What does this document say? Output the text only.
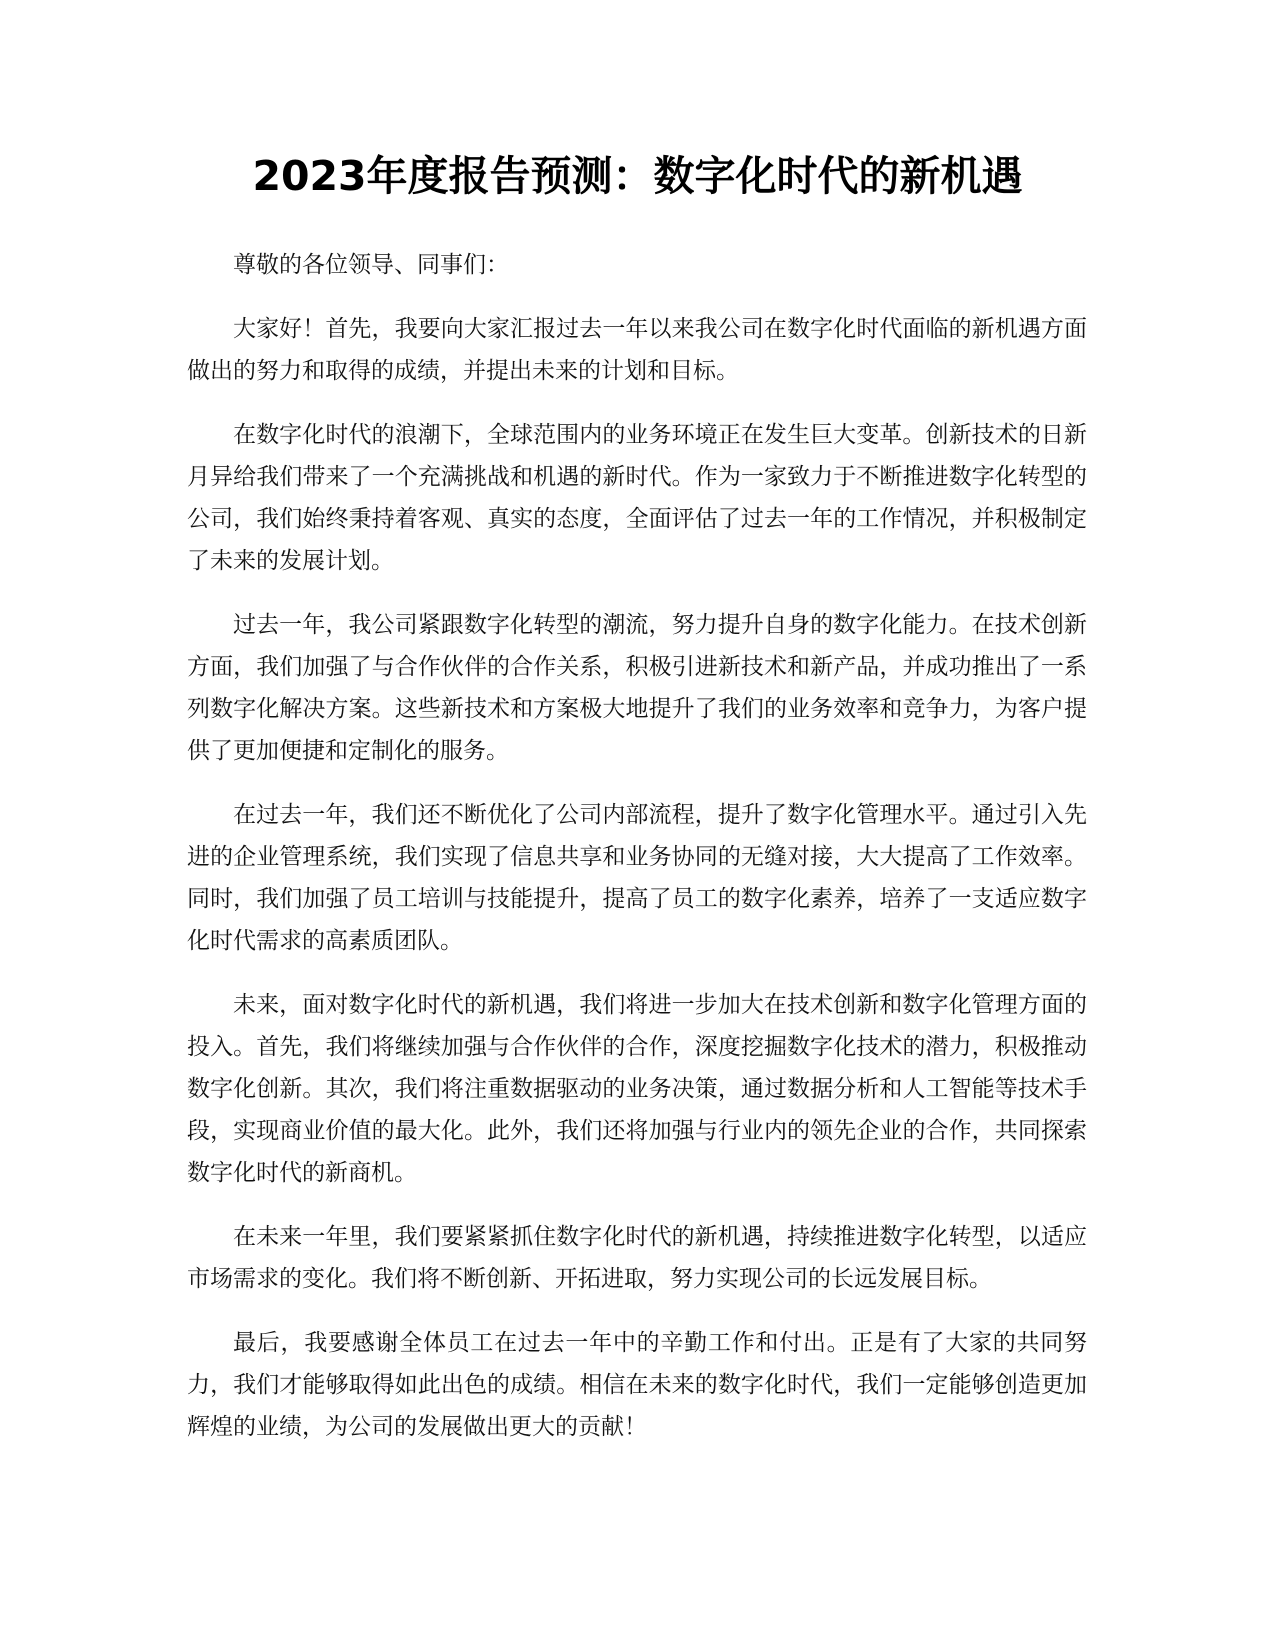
2023年度报告预测：数字化时代的新机遇

尊敬的各位领导、同事们：

大家好！首先，我要向大家汇报过去一年以来我公司在数字化时代面临的新机遇方面做出的努力和取得的成绩，并提出未来的计划和目标。

在数字化时代的浪潮下，全球范围内的业务环境正在发生巨大变革。创新技术的日新月异给我们带来了一个充满挑战和机遇的新时代。作为一家致力于不断推进数字化转型的公司，我们始终秉持着客观、真实的态度，全面评估了过去一年的工作情况，并积极制定了未来的发展计划。

过去一年，我公司紧跟数字化转型的潮流，努力提升自身的数字化能力。在技术创新方面，我们加强了与合作伙伴的合作关系，积极引进新技术和新产品，并成功推出了一系列数字化解决方案。这些新技术和方案极大地提升了我们的业务效率和竞争力，为客户提供了更加便捷和定制化的服务。

在过去一年，我们还不断优化了公司内部流程，提升了数字化管理水平。通过引入先进的企业管理系统，我们实现了信息共享和业务协同的无缝对接，大大提高了工作效率。同时，我们加强了员工培训与技能提升，提高了员工的数字化素养，培养了一支适应数字化时代需求的高素质团队。

未来，面对数字化时代的新机遇，我们将进一步加大在技术创新和数字化管理方面的投入。首先，我们将继续加强与合作伙伴的合作，深度挖掘数字化技术的潜力，积极推动数字化创新。其次，我们将注重数据驱动的业务决策，通过数据分析和人工智能等技术手段，实现商业价值的最大化。此外，我们还将加强与行业内的领先企业的合作，共同探索数字化时代的新商机。

在未来一年里，我们要紧紧抓住数字化时代的新机遇，持续推进数字化转型，以适应市场需求的变化。我们将不断创新、开拓进取，努力实现公司的长远发展目标。

最后，我要感谢全体员工在过去一年中的辛勤工作和付出。正是有了大家的共同努力，我们才能够取得如此出色的成绩。相信在未来的数字化时代，我们一定能够创造更加辉煌的业绩，为公司的发展做出更大的贡献！
